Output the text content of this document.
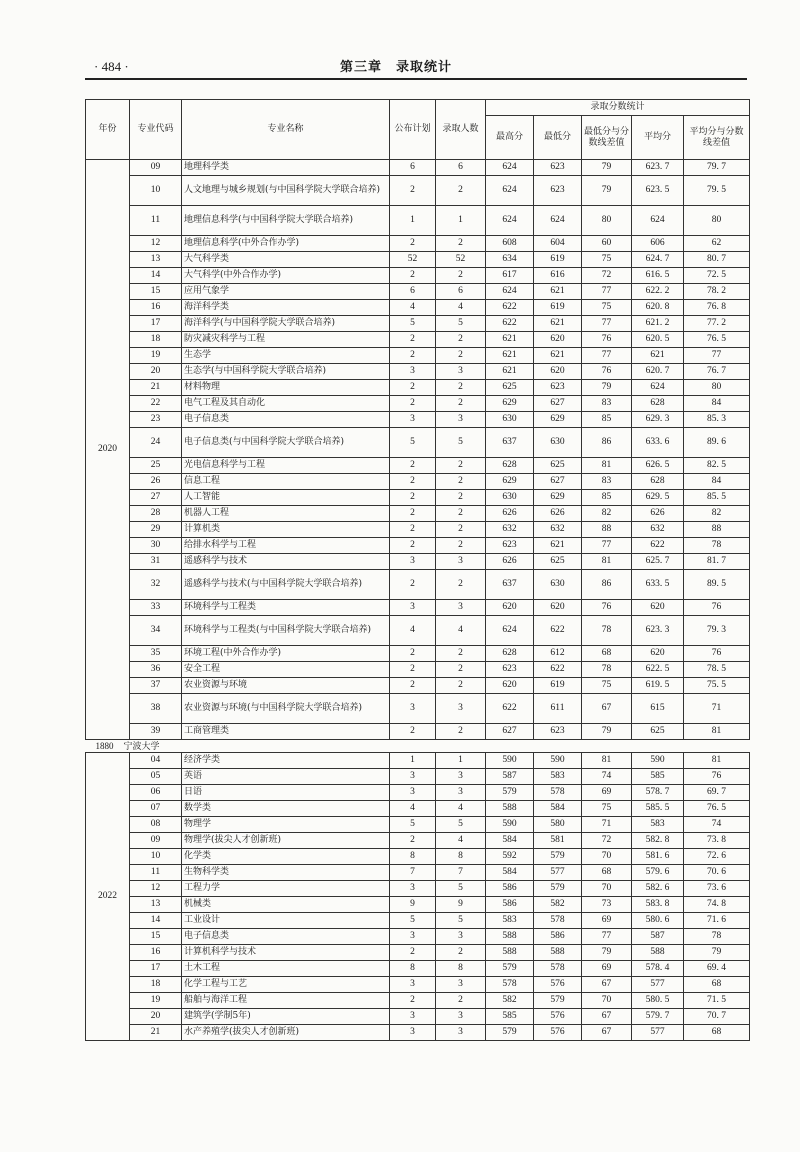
· 484 ·	第三章　录取统计
年份	专业代码	专业名称	公布计划	录取人数	录取分数统计				
					最高分	最低分	最低分与分数线差值	平均分	平均分与分数线差值
2020	09	地理科学类	6	6	624	623	79	623. 7	79. 7
	10	人文地理与城乡规划(与中国科学院大学联合培养)	2	2	624	623	79	623. 5	79. 5
	11	地理信息科学(与中国科学院大学联合培养)	1	1	624	624	80	624	80
	12	地理信息科学(中外合作办学)	2	2	608	604	60	606	62
	13	大气科学类	52	52	634	619	75	624. 7	80. 7
	14	大气科学(中外合作办学)	2	2	617	616	72	616. 5	72. 5
	15	应用气象学	6	6	624	621	77	622. 2	78. 2
	16	海洋科学类	4	4	622	619	75	620. 8	76. 8
	17	海洋科学(与中国科学院大学联合培养)	5	5	622	621	77	621. 2	77. 2
	18	防灾减灾科学与工程	2	2	621	620	76	620. 5	76. 5
	19	生态学	2	2	621	621	77	621	77
	20	生态学(与中国科学院大学联合培养)	3	3	621	620	76	620. 7	76. 7
	21	材料物理	2	2	625	623	79	624	80
	22	电气工程及其自动化	2	2	629	627	83	628	84
	23	电子信息类	3	3	630	629	85	629. 3	85. 3
	24	电子信息类(与中国科学院大学联合培养)	5	5	637	630	86	633. 6	89. 6
	25	光电信息科学与工程	2	2	628	625	81	626. 5	82. 5
	26	信息工程	2	2	629	627	83	628	84
	27	人工智能	2	2	630	629	85	629. 5	85. 5
	28	机器人工程	2	2	626	626	82	626	82
	29	计算机类	2	2	632	632	88	632	88
	30	给排水科学与工程	2	2	623	621	77	622	78
	31	遥感科学与技术	3	3	626	625	81	625. 7	81. 7
	32	遥感科学与技术(与中国科学院大学联合培养)	2	2	637	630	86	633. 5	89. 5
	33	环境科学与工程类	3	3	620	620	76	620	76
	34	环境科学与工程类(与中国科学院大学联合培养)	4	4	624	622	78	623. 3	79. 3
	35	环境工程(中外合作办学)	2	2	628	612	68	620	76
	36	安全工程	2	2	623	622	78	622. 5	78. 5
	37	农业资源与环境	2	2	620	619	75	619. 5	75. 5
	38	农业资源与环境(与中国科学院大学联合培养)	3	3	622	611	67	615	71
	39	工商管理类	2	2	627	623	79	625	81
1880 宁波大学									
2022	04	经济学类	1	1	590	590	81	590	81
	05	英语	3	3	587	583	74	585	76
	06	日语	3	3	579	578	69	578. 7	69. 7
	07	数学类	4	4	588	584	75	585. 5	76. 5
	08	物理学	5	5	590	580	71	583	74
	09	物理学(拔尖人才创新班)	2	4	584	581	72	582. 8	73. 8
	10	化学类	8	8	592	579	70	581. 6	72. 6
	11	生物科学类	7	7	584	577	68	579. 6	70. 6
	12	工程力学	3	5	586	579	70	582. 6	73. 6
	13	机械类	9	9	586	582	73	583. 8	74. 8
	14	工业设计	5	5	583	578	69	580. 6	71. 6
	15	电子信息类	3	3	588	586	77	587	78
	16	计算机科学与技术	2	2	588	588	79	588	79
	17	土木工程	8	8	579	578	69	578. 4	69. 4
	18	化学工程与工艺	3	3	578	576	67	577	68
	19	船舶与海洋工程	2	2	582	579	70	580. 5	71. 5
	20	建筑学(学制5年)	3	3	585	576	67	579. 7	70. 7
	21	水产养殖学(拔尖人才创新班)	3	3	579	576	67	577	68
